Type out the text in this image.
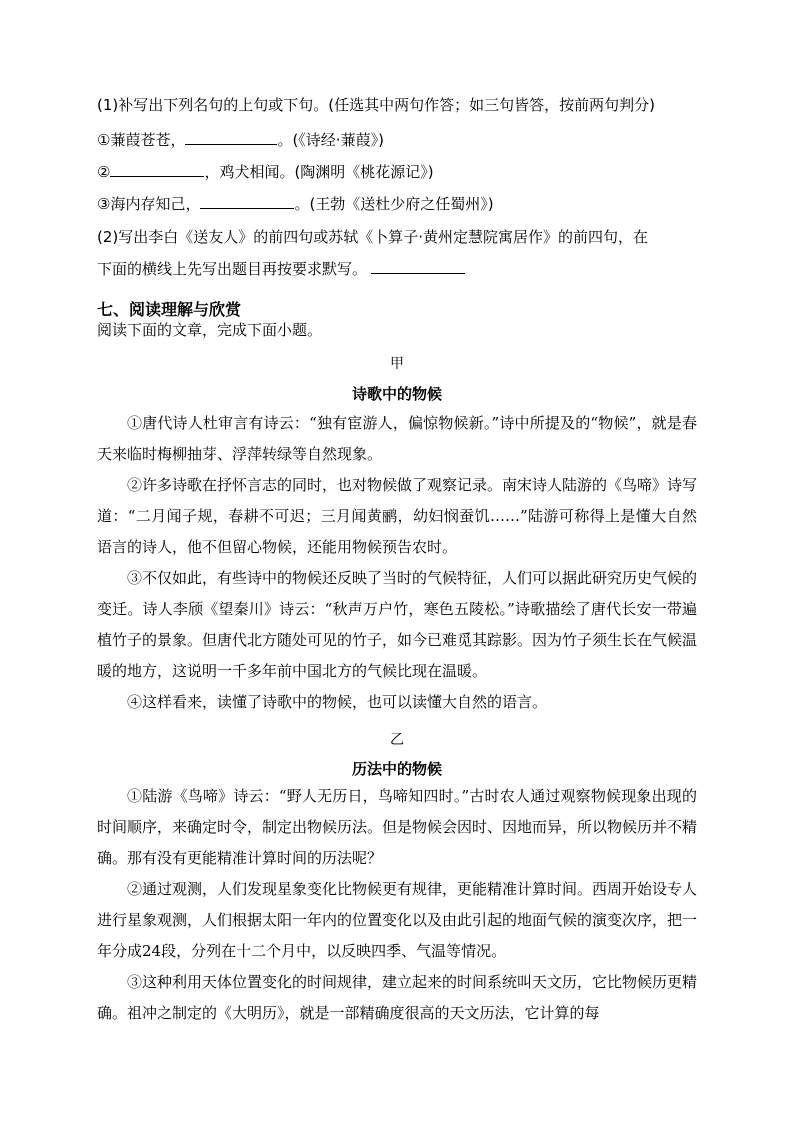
(1)补写出下列名句的上句或下句。(任选其中两句作答；如三句皆答，按前两句判分)
①蒹葭苍苍，	。(《诗经·蒹葭》)
②	，鸡犬相闻。(陶渊明《桃花源记》)
③海内存知己，	。(王勃《送杜少府之任蜀州》)
(2)写出李白《送友人》的前四句或苏轼《卜算子·黄州定慧院寓居作》的前四句，在
下面的横线上先写出题目再按要求默写。
七、阅读理解与欣赏
阅读下面的文章，完成下面小题。
甲
诗歌中的物候

①唐代诗人杜审言有诗云：“独有宦游人，偏惊物候新。”诗中所提及的“物候”，就是春天来临时梅柳抽芽、浮萍转绿等自然现象。

②许多诗歌在抒怀言志的同时，也对物候做了观察记录。南宋诗人陆游的《鸟啼》诗写道：“二月闻子规，春耕不可迟；三月闻黄鹂，幼妇悯蚕饥……”陆游可称得上是懂大自然语言的诗人，他不但留心物候，还能用物候预告农时。

③不仅如此，有些诗中的物候还反映了当时的气候特征，人们可以据此研究历史气候的变迁。诗人李颀《望秦川》诗云：“秋声万户竹，寒色五陵松。”诗歌描绘了唐代长安一带遍植竹子的景象。但唐代北方随处可见的竹子，如今已难觅其踪影。因为竹子须生长在气候温暖的地方，这说明一千多年前中国北方的气候比现在温暖。

④这样看来，读懂了诗歌中的物候，也可以读懂大自然的语言。

乙
历法中的物候

①陆游《鸟啼》诗云：“野人无历日，鸟啼知四时。”古时农人通过观察物候现象出现的时间顺序，来确定时令，制定出物候历法。但是物候会因时、因地而异，所以物候历并不精确。那有没有更能精准计算时间的历法呢？

②通过观测，人们发现星象变化比物候更有规律，更能精准计算时间。西周开始设专人进行星象观测，人们根据太阳一年内的位置变化以及由此引起的地面气候的演变次序，把一年分成24段，分列在十二个月中，以反映四季、气温等情况。

③这种利用天体位置变化的时间规律，建立起来的时间系统叫天文历，它比物候历更精确。祖冲之制定的《大明历》，就是一部精确度很高的天文历法，它计算的每
